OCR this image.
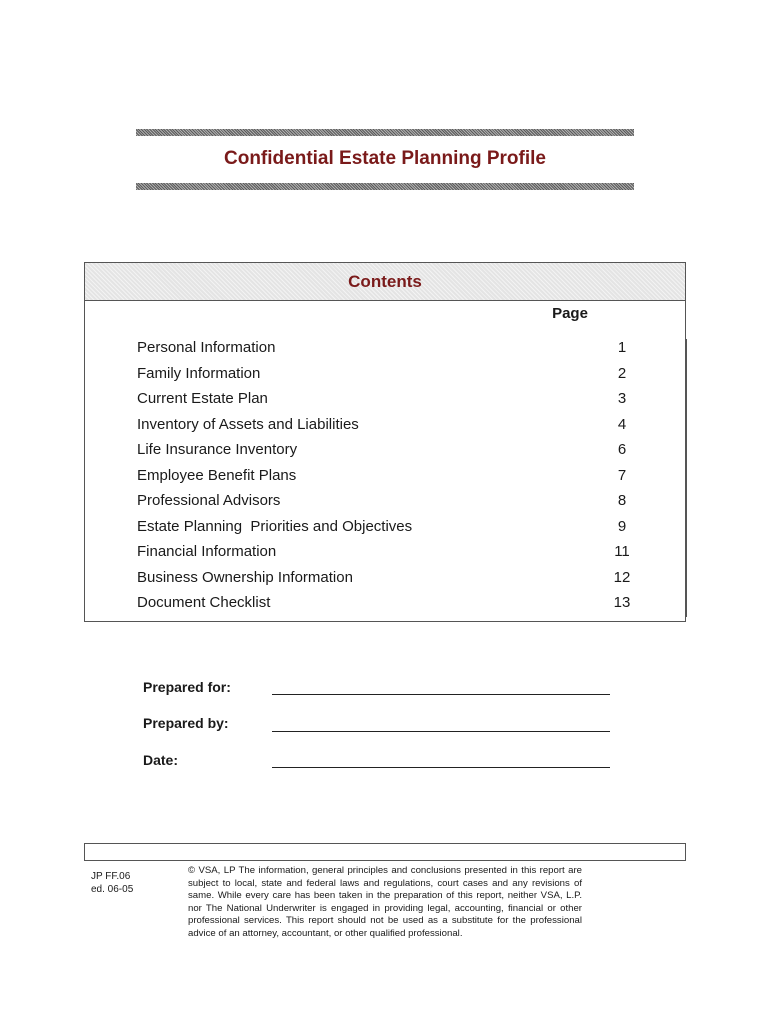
Confidential Estate Planning Profile
Contents
Page
Personal Information	1
Family Information	2
Current Estate Plan	3
Inventory of Assets and Liabilities	4
Life Insurance Inventory	6
Employee Benefit Plans	7
Professional Advisors	8
Estate Planning  Priorities and Objectives	9
Financial Information	11
Business Ownership Information	12
Document Checklist	13
Prepared for:
Prepared by:
Date:
JP FF.06
ed. 06-05
© VSA, LP The information, general principles and conclusions presented in this report are subject to local, state and federal laws and regulations, court cases and any revisions of same. While every care has been taken in the preparation of this report, neither VSA, L.P. nor The National Underwriter is engaged in providing legal, accounting, financial or other professional services. This report should not be used as a substitute for the professional advice of an attorney, accountant, or other qualified professional.
